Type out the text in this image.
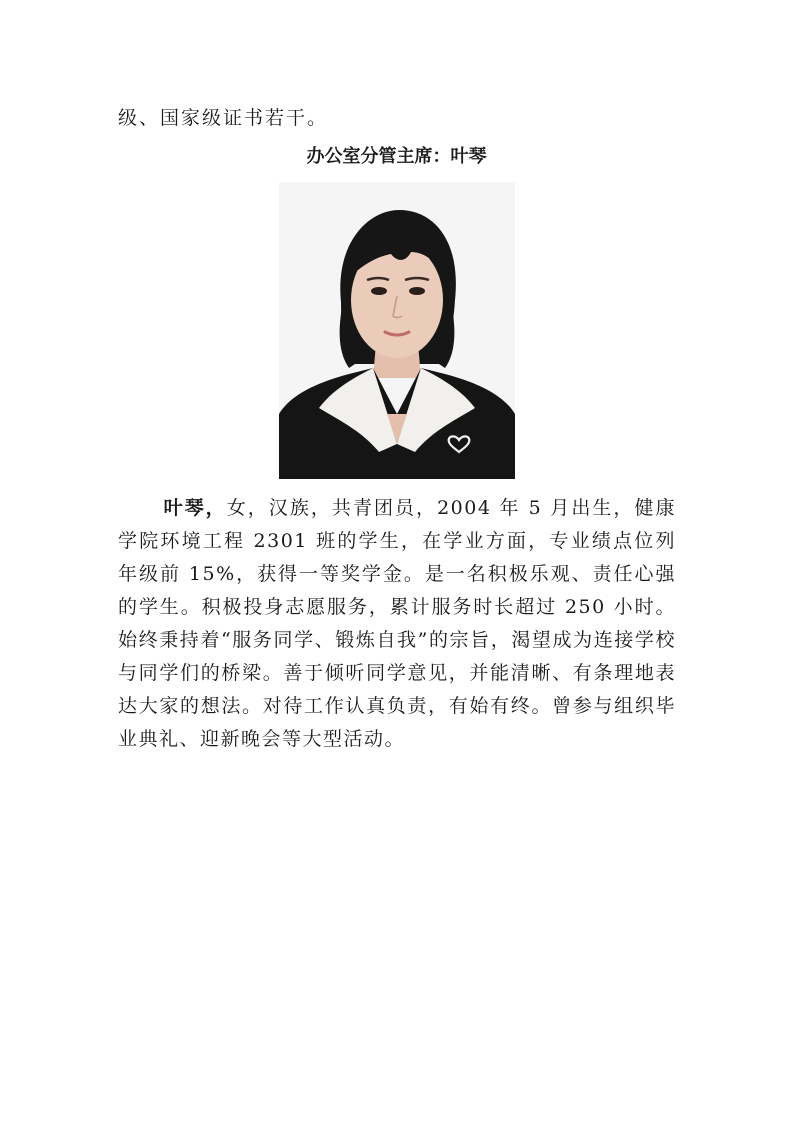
级、国家级证书若干。
办公室分管主席：叶琴

叶琴，女，汉族，共青团员，2004 年 5 月出生，健康学院环境工程 2301 班的学生，在学业方面，专业绩点位列年级前 15%，获得一等奖学金。是一名积极乐观、责任心强的学生。积极投身志愿服务，累计服务时长超过 250 小时。始终秉持着“服务同学、锻炼自我”的宗旨，渴望成为连接学校与同学们的桥梁。善于倾听同学意见，并能清晰、有条理地表达大家的想法。对待工作认真负责，有始有终。曾参与组织毕业典礼、迎新晚会等大型活动。
